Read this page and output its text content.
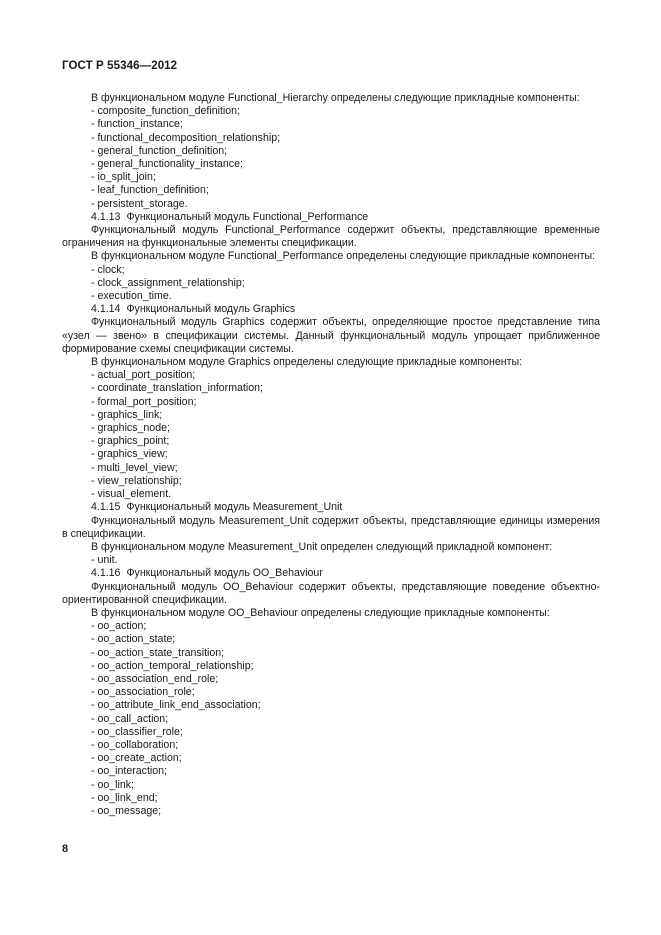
ГОСТ Р 55346—2012
В функциональном модуле Functional_Hierarchy определены следующие прикладные компоненты:
- composite_function_definition;
- function_instance;
- functional_decomposition_relationship;
- general_function_definition;
- general_functionality_instance;
- io_split_join;
- leaf_function_definition;
- persistent_storage.
4.1.13 Функциональный модуль Functional_Performance
Функциональный модуль Functional_Performance содержит объекты, представляющие временные ограничения на функциональные элементы спецификации.
В функциональном модуле Functional_Performance определены следующие прикладные компоненты:
- clock;
- clock_assignment_relationship;
- execution_time.
4.1.14 Функциональный модуль Graphics
Функциональный модуль Graphics содержит объекты, определяющие простое представление типа «узел — звено» в спецификации системы. Данный функциональный модуль упрощает приближенное формирование схемы спецификации системы.
В функциональном модуле Graphics определены следующие прикладные компоненты:
- actual_port_position;
- coordinate_translation_information;
- formal_port_position;
- graphics_link;
- graphics_node;
- graphics_point;
- graphics_view;
- multi_level_view;
- view_relationship;
- visual_element.
4.1.15 Функциональный модуль Measurement_Unit
Функциональный модуль Measurement_Unit содержит объекты, представляющие единицы измерения в спецификации.
В функциональном модуле Measurement_Unit определен следующий прикладной компонент:
- unit.
4.1.16 Функциональный модуль OO_Behaviour
Функциональный модуль OO_Behaviour содержит объекты, представляющие поведение объектно-ориентированной спецификации.
В функциональном модуле OO_Behaviour определены следующие прикладные компоненты:
- oo_action;
- oo_action_state;
- oo_action_state_transition;
- oo_action_temporal_relationship;
- oo_association_end_role;
- oo_association_role;
- oo_attribute_link_end_association;
- oo_call_action;
- oo_classifier_role;
- oo_collaboration;
- oo_create_action;
- oo_interaction;
- oo_link;
- oo_link_end;
- oo_message;
8
